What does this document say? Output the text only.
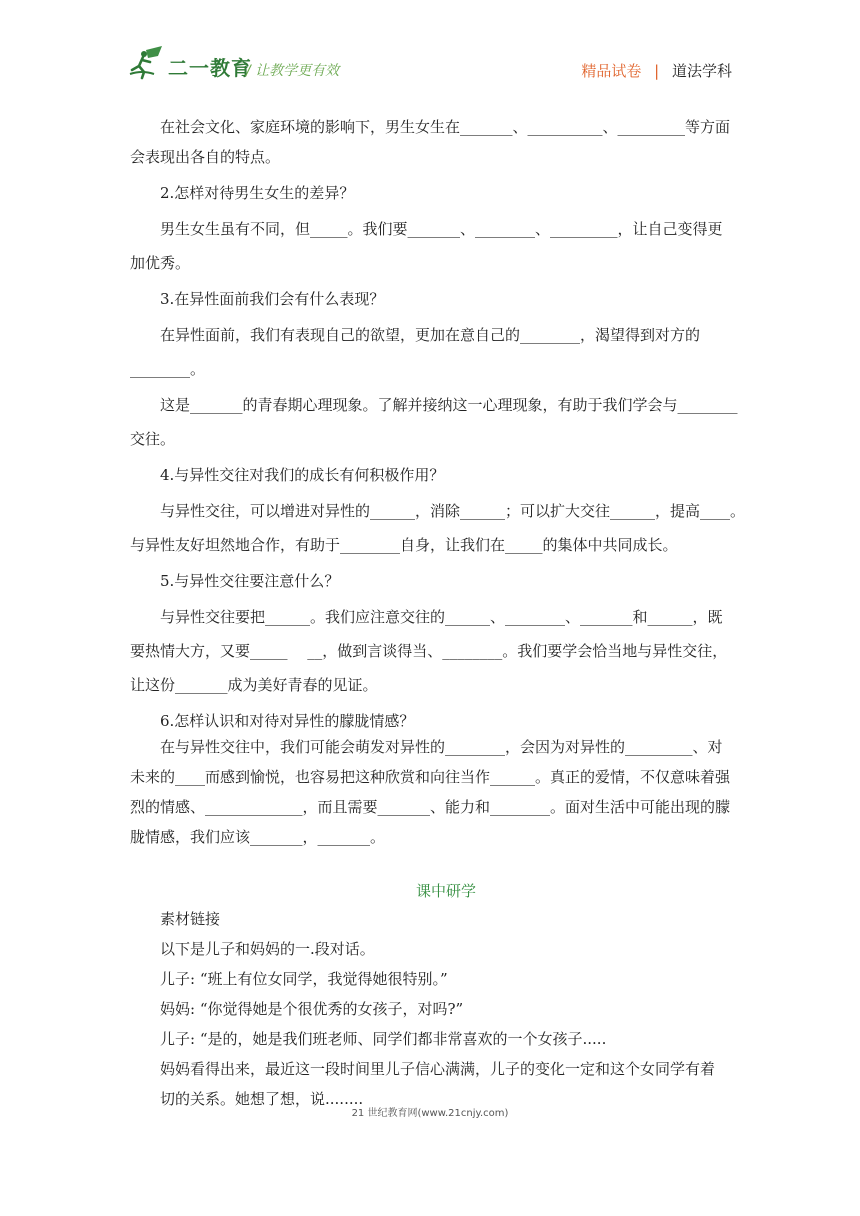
二一教育
/ 让教学更有效	精品试卷 | 道法学科
在社会文化、家庭环境的影响下，男生女生在_______、__________、_________等方面
会表现出各自的特点。
2.怎样对待男生女生的差异？
男生女生虽有不同，但_____。我们要_______、________、_________，让自己变得更
加优秀。
3.在异性面前我们会有什么表现？
在异性面前，我们有表现自己的欲望，更加在意自己的________，渴望得到对方的
________。
这是_______的青春期心理现象。了解并接纳这一心理现象，有助于我们学会与________
交往。
4.与异性交往对我们的成长有何积极作用？
与异性交往，可以增进对异性的______，消除______；可以扩大交往______，提高____。
与异性友好坦然地合作，有助于________自身，让我们在_____的集体中共同成长。
5.与异性交往要注意什么？
与异性交往要把______。我们应注意交往的______、________、_______和______，既
要热情大方，又要_____　 __，做到言谈得当、________。我们要学会恰当地与异性交往，
让这份_______成为美好青春的见证。
6.怎样认识和对待对异性的朦胧情感？
在与异性交往中，我们可能会萌发对异性的________，会因为对异性的_________、对
未来的____而感到愉悦，也容易把这种欣赏和向往当作______。真正的爱情，不仅意味着强
烈的情感、_____________，而且需要_______、能力和________。面对生活中可能出现的朦
胧情感，我们应该_______，_______。
课中研学
素材链接
以下是儿子和妈妈的一.段对话。
儿子: “班上有位女同学，我觉得她很特别。”
妈妈: “你觉得她是个很优秀的女孩子，对吗?”
儿子: “是的，她是我们班老师、同学们都非常喜欢的一个女孩子.....
妈妈看得出来，最近这一段时间里儿子信心满满，儿子的变化一定和这个女同学有着
切的关系。她想了想，说........
21 世纪教育网(www.21cnjy.com)
